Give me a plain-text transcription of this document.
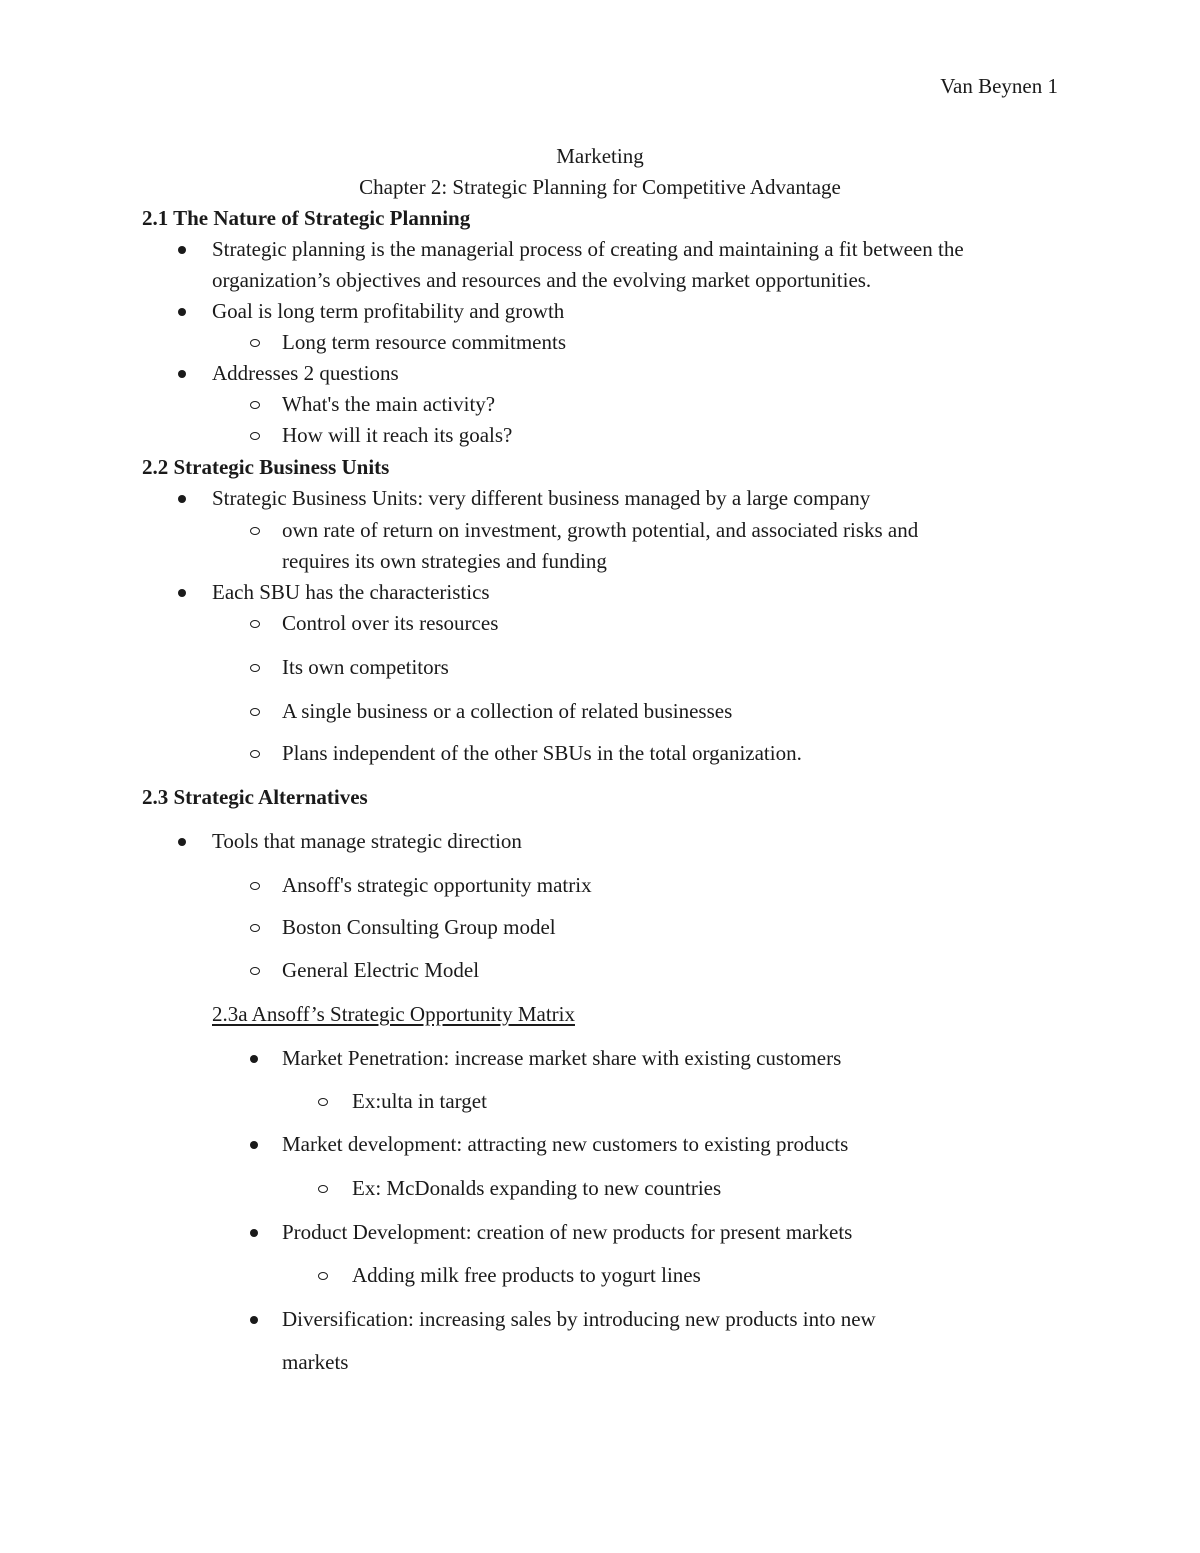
Van Beynen 1
Marketing
Chapter 2: Strategic Planning for Competitive Advantage
2.1 The Nature of Strategic Planning
Strategic planning is the managerial process of creating and maintaining a fit between the
organization’s objectives and resources and the evolving market opportunities.
Goal is long term profitability and growth
Long term resource commitments
Addresses 2 questions
What's the main activity?
How will it reach its goals?
2.2 Strategic Business Units
Strategic Business Units: very different business managed by a large company
own rate of return on investment, growth potential, and associated risks and
requires its own strategies and funding
Each SBU has the characteristics
Control over its resources
Its own competitors
A single business or a collection of related businesses
Plans independent of the other SBUs in the total organization.
2.3 Strategic Alternatives
Tools that manage strategic direction
Ansoff's strategic opportunity matrix
Boston Consulting Group model
General Electric Model
2.3a Ansoff’s Strategic Opportunity Matrix
Market Penetration: increase market share with existing customers
Ex:ulta in target
Market development: attracting new customers to existing products
Ex: McDonalds expanding to new countries
Product Development: creation of new products for present markets
Adding milk free products to yogurt lines
Diversification: increasing sales by introducing new products into new
markets
